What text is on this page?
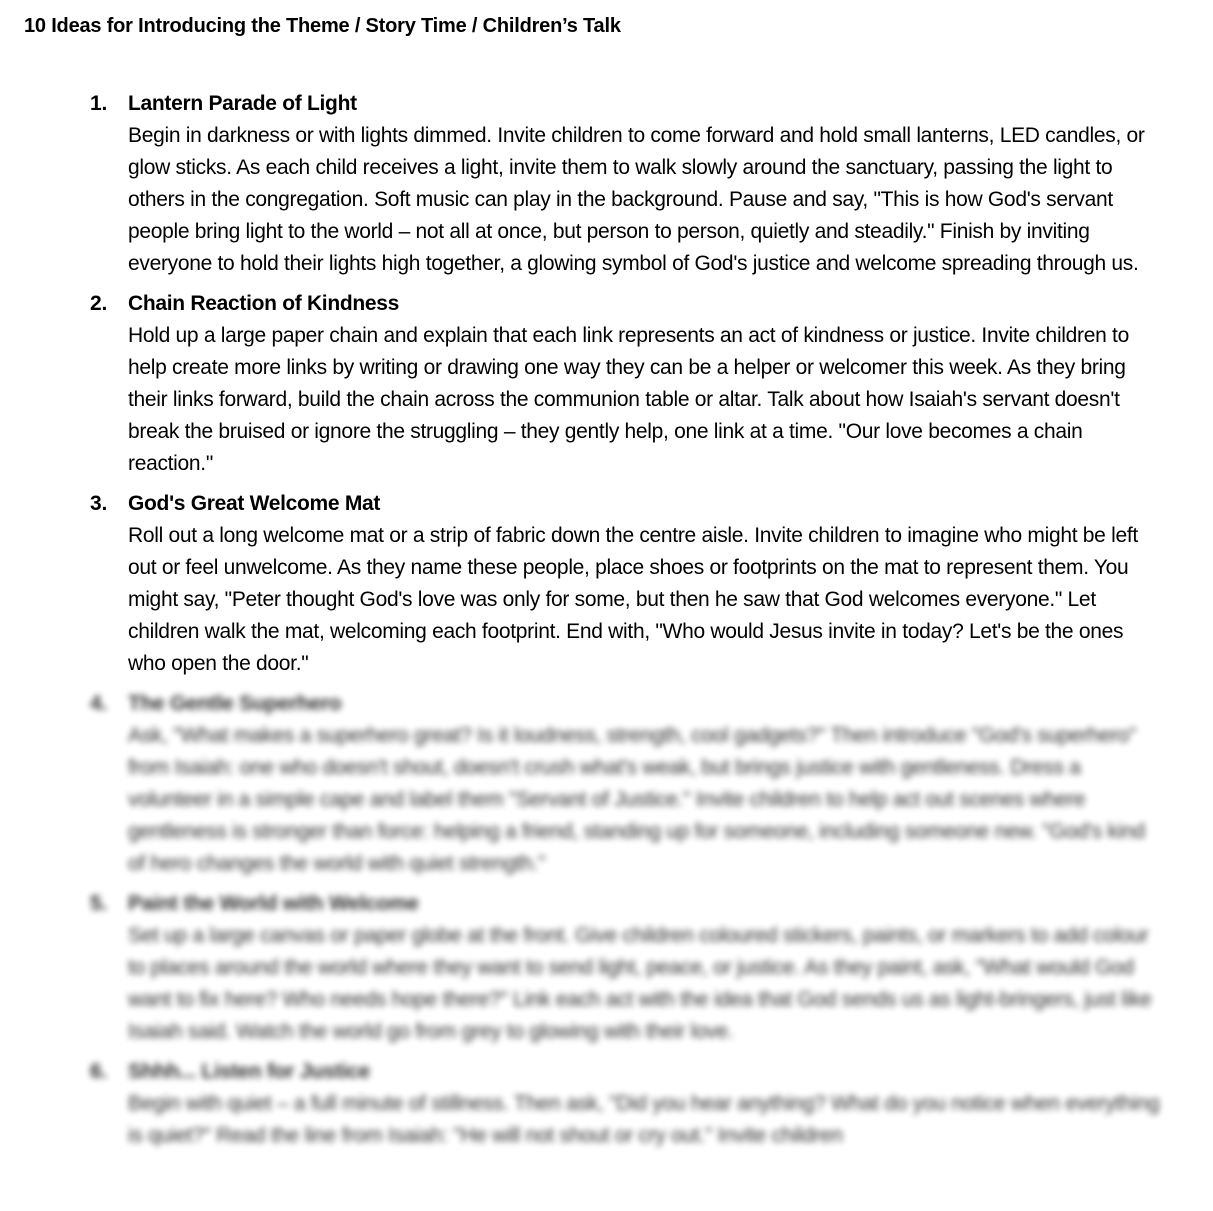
10 Ideas for Introducing the Theme / Story Time / Children’s Talk
1. Lantern Parade of Light
Begin in darkness or with lights dimmed. Invite children to come forward and hold small lanterns, LED candles, or glow sticks. As each child receives a light, invite them to walk slowly around the sanctuary, passing the light to others in the congregation. Soft music can play in the background. Pause and say, "This is how God's servant people bring light to the world – not all at once, but person to person, quietly and steadily." Finish by inviting everyone to hold their lights high together, a glowing symbol of God's justice and welcome spreading through us.
2. Chain Reaction of Kindness
Hold up a large paper chain and explain that each link represents an act of kindness or justice. Invite children to help create more links by writing or drawing one way they can be a helper or welcomer this week. As they bring their links forward, build the chain across the communion table or altar. Talk about how Isaiah's servant doesn't break the bruised or ignore the struggling – they gently help, one link at a time. "Our love becomes a chain reaction."
3. God's Great Welcome Mat
Roll out a long welcome mat or a strip of fabric down the centre aisle. Invite children to imagine who might be left out or feel unwelcome. As they name these people, place shoes or footprints on the mat to represent them. You might say, "Peter thought God's love was only for some, but then he saw that God welcomes everyone." Let children walk the mat, welcoming each footprint. End with, "Who would Jesus invite in today? Let's be the ones who open the door."
4. The Gentle Superhero
Ask, "What makes a superhero great? Is it loudness, strength, cool gadgets?" Then introduce "God's superhero" from Isaiah: one who doesn't shout, doesn't crush what's weak, but brings justice with gentleness. Dress a volunteer in a simple cape and label them "Servant of Justice." Invite children to help act out scenes where gentleness is stronger than force: helping a friend, standing up for someone, including someone new. "God's kind of hero changes the world with quiet strength."
5. Paint the World with Welcome
Set up a large canvas or paper globe at the front. Give children coloured stickers, paints, or markers to add colour to places around the world where they want to send light, peace, or justice. As they paint, ask, "What would God want to fix here? Who needs hope there?" Link each act with the idea that God sends us as light-bringers, just like Isaiah said. Watch the world go from grey to glowing with their love.
6. Shhh... Listen for Justice
Begin with quiet – a full minute of stillness. Then ask, "Did you hear anything? What do you notice when everything is quiet?" Read the line from Isaiah: "He will not shout or cry out." Invite children
